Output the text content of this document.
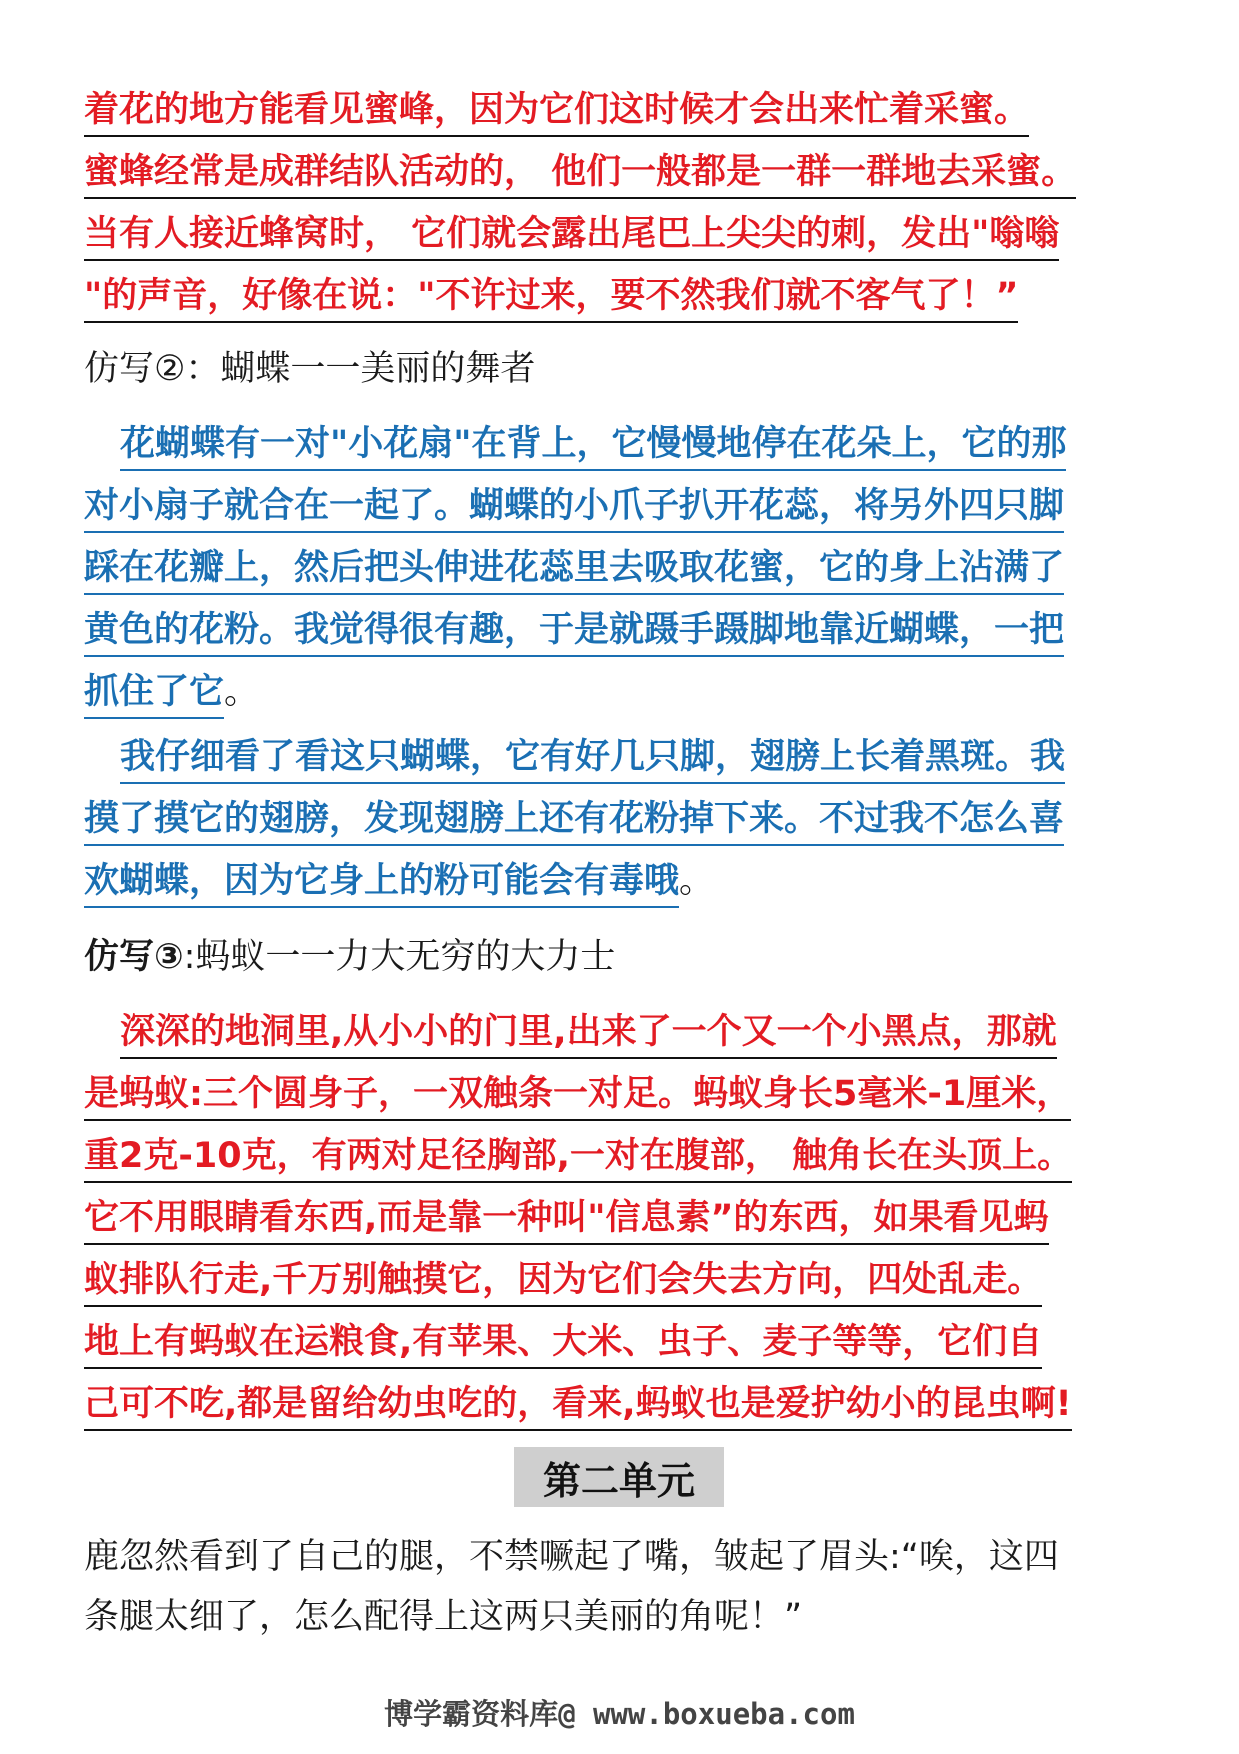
着花的地方能看见蜜峰，因为它们这时候才会出来忙着采蜜。
蜜蜂经常是成群结队活动的， 他们一般都是一群一群地去采蜜。
当有人接近蜂窝时， 它们就会露出尾巴上尖尖的刺，发出"嗡嗡
"的声音，好像在说："不许过来，要不然我们就不客气了！”
仿写②：蝴蝶一一美丽的舞者
花蝴蝶有一对"小花扇"在背上，它慢慢地停在花朵上，它的那
对小扇子就合在一起了。蝴蝶的小爪子扒开花蕊，将另外四只脚
踩在花瓣上，然后把头伸进花蕊里去吸取花蜜，它的身上沾满了
黄色的花粉。我觉得很有趣，于是就蹑手蹑脚地靠近蝴蝶，一把
抓住了它。
我仔细看了看这只蝴蝶，它有好几只脚，翅膀上长着黑斑。我
摸了摸它的翅膀，发现翅膀上还有花粉掉下来。不过我不怎么喜
欢蝴蝶，因为它身上的粉可能会有毒哦。
仿写③:蚂蚁一一力大无穷的大力士
深深的地洞里,从小小的门里,出来了一个又一个小黑点，那就
是蚂蚁:三个圆身子，一双触条一对足。蚂蚁身长5毫米-1厘米，
重2克-10克，有两对足径胸部,一对在腹部， 触角长在头顶上。
它不用眼睛看东西,而是靠一种叫"信息素”的东西，如果看见蚂
蚁排队行走,千万别触摸它，因为它们会失去方向，四处乱走。
地上有蚂蚁在运粮食,有苹果、大米、虫子、麦子等等，它们自
己可不吃,都是留给幼虫吃的，看来,蚂蚁也是爱护幼小的昆虫啊!
第二单元
鹿忽然看到了自己的腿，不禁噘起了嘴，皱起了眉头:“唉，这四
条腿太细了，怎么配得上这两只美丽的角呢！”
博学霸资料库@ www.boxueba.com
